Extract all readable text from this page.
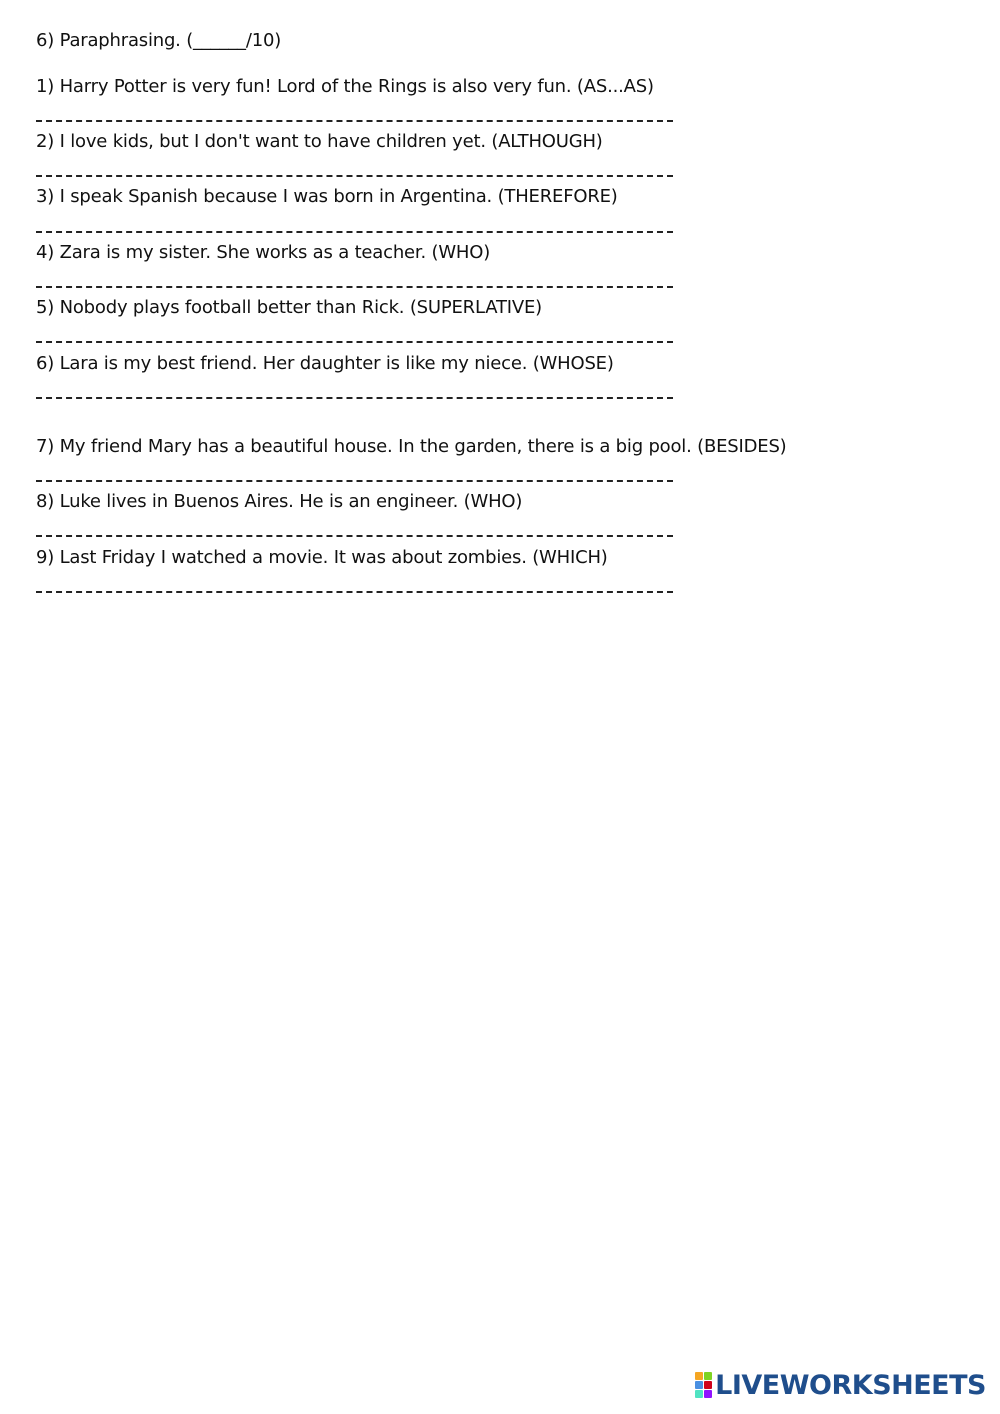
6) Paraphrasing. (______/10)
1) Harry Potter is very fun! Lord of the Rings is also very fun. (AS...AS)
2) I love kids, but I don't want to have children yet. (ALTHOUGH)
3) I speak Spanish because I was born in Argentina. (THEREFORE)
4) Zara is my sister. She works as a teacher. (WHO)
5) Nobody plays football better than Rick. (SUPERLATIVE)
6) Lara is my best friend. Her daughter is like my niece. (WHOSE)
7) My friend Mary has a beautiful house. In the garden, there is a big pool. (BESIDES)
8) Luke lives in Buenos Aires. He is an engineer. (WHO)
9) Last Friday I watched a movie. It was about zombies. (WHICH)
LIVEWORKSHEETS
